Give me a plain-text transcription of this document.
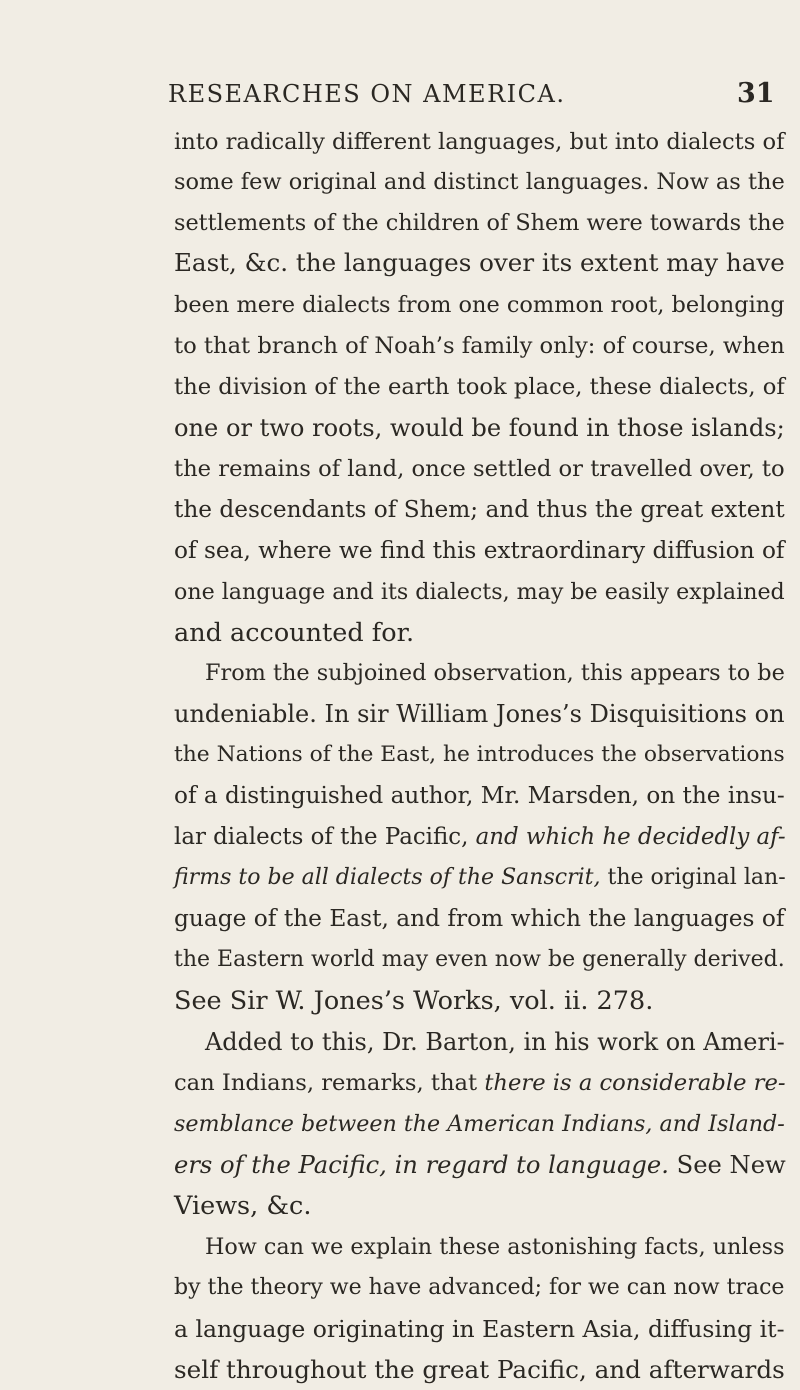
RESEARCHES ON AMERICA.	31
into radically different languages, but into dialects of
some few original and distinct languages. Now as the
settlements of the children of Shem were towards the
East, &c. the languages over its extent may have
been mere dialects from one common root, belonging
to that branch of Noah’s family only: of course, when
the division of the earth took place, these dialects, of
one or two roots, would be found in those islands;
the remains of land, once settled or travelled over, to
the descendants of Shem; and thus the great extent
of sea, where we find this extraordinary diffusion of
one language and its dialects, may be easily explained
and accounted for.
From the subjoined observation, this appears to be
undeniable. In sir William Jones’s Disquisitions on
the Nations of the East, he introduces the observations
of a distinguished author, Mr. Marsden, on the insu-
lar dialects of the Pacific, and which he decidedly af-
firms to be all dialects of the Sanscrit, the original lan-
guage of the East, and from which the languages of
the Eastern world may even now be generally derived.
See Sir W. Jones’s Works, vol. ii. 278.
Added to this, Dr. Barton, in his work on Ameri-
can Indians, remarks, that there is a considerable re-
semblance between the American Indians, and Island-
ers of the Pacific, in regard to language. See New
Views, &c.
How can we explain these astonishing facts, unless
by the theory we have advanced; for we can now trace
a language originating in Eastern Asia, diffusing it-
self throughout the great Pacific, and afterwards
